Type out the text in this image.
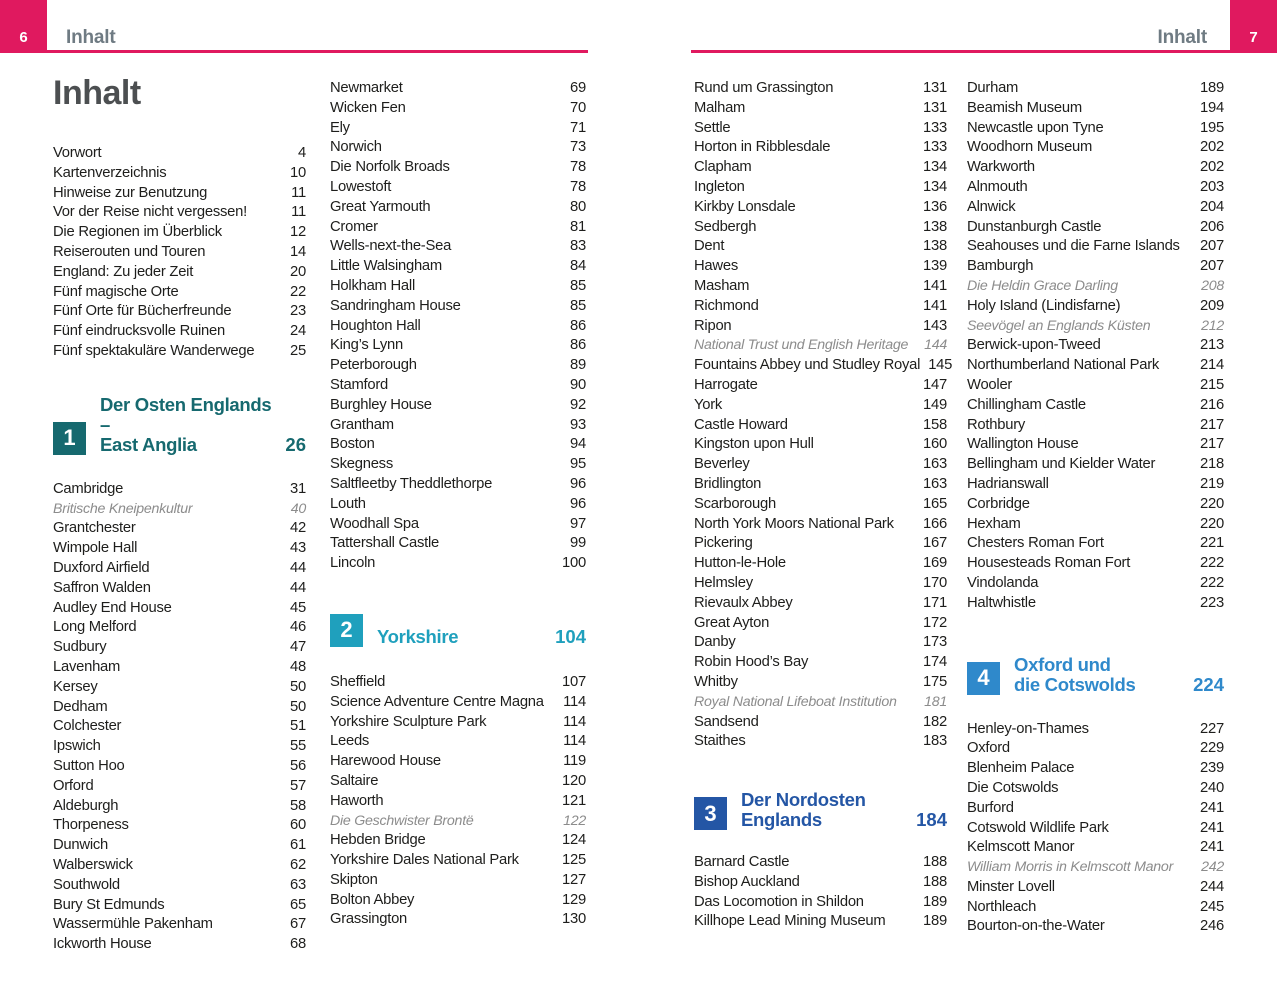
6	Inhalt	Inhalt	7
Inhalt
Vorwort	4
Kartenverzeichnis	10
Hinweise zur Benutzung	11
Vor der Reise nicht vergessen!	11
Die Regionen im Überblick	12
Reiserouten und Touren	14
England: Zu jeder Zeit	20
Fünf magische Orte	22
Fünf Orte für Bücherfreunde	23
Fünf eindrucksvolle Ruinen	24
Fünf spektakuläre Wanderwege 25
1
Der Osten Englands –
East Anglia	26
Cambridge	31
Britische Kneipenkultur	40
Grantchester	42
Wimpole Hall	43
Duxford Airfield	44
Saffron Walden	44
Audley End House	45
Long Melford	46
Sudbury	47
Lavenham	48
Kersey	50
Dedham	50
Colchester	51
Ipswich	55
Sutton Hoo	56
Orford	57
Aldeburgh	58
Thorpeness	60
Dunwich	61
Walberswick	62
Southwold	63
Bury St Edmunds	65
Wassermühle Pakenham	67
Ickworth House	68
Newmarket	69
Wicken Fen	70
Ely	71
Norwich	73
Die Norfolk Broads	78
Lowestoft	78
Great Yarmouth	80
Cromer	81
Wells-next-the-Sea	83
Little Walsingham	84
Holkham Hall	85
Sandringham House	85
Houghton Hall	86
King’s Lynn	86
Peterborough	89
Stamford	90
Burghley House	92
Grantham	93
Boston	94
Skegness	95
Saltfleetby Theddlethorpe	96
Louth	96
Woodhall Spa	97
Tattershall Castle	99
Lincoln	100
2	Yorkshire	104
Sheffield	107
Science Adventure Centre Magna 114
Yorkshire Sculpture Park	114
Leeds	114
Harewood House	119
Saltaire	120
Haworth	121
Die Geschwister Brontë	122
Hebden Bridge	124
Yorkshire Dales National Park	125
Skipton	127
Bolton Abbey	129
Grassington	130
Rund um Grassington	131
Malham	131
Settle	133
Horton in Ribblesdale	133
Clapham	134
Ingleton	134
Kirkby Lonsdale	136
Sedbergh	138
Dent	138
Hawes	139
Masham	141
Richmond	141
Ripon	143
National Trust und English Heritage 144
Fountains Abbey und Studley Royal 145
Harrogate	147
York	149
Castle Howard	158
Kingston upon Hull	160
Beverley	163
Bridlington	163
Scarborough	165
North York Moors National Park 166
Pickering	167
Hutton-le-Hole	169
Helmsley	170
Rievaulx Abbey	171
Great Ayton	172
Danby	173
Robin Hood’s Bay	174
Whitby	175
Royal National Lifeboat Institution 181
Sandsend	182
Staithes	183
3
Der Nordosten
Englands	184
Barnard Castle	188
Bishop Auckland	188
Das Locomotion in Shildon	189
Killhope Lead Mining Museum	189
Durham	189
Beamish Museum	194
Newcastle upon Tyne	195
Woodhorn Museum	202
Warkworth	202
Alnmouth	203
Alnwick	204
Dunstanburgh Castle	206
Seahouses und die Farne Islands 207
Bamburgh	207
Die Heldin Grace Darling	208
Holy Island (Lindisfarne)	209
Seevögel an Englands Küsten	212
Berwick-upon-Tweed	213
Northumberland National Park	214
Wooler	215
Chillingham Castle	216
Rothbury	217
Wallington House	217
Bellingham und Kielder Water	218
Hadrianswall	219
Corbridge	220
Hexham	220
Chesters Roman Fort	221
Housesteads Roman Fort	222
Vindolanda	222
Haltwhistle	223
4
Oxford und
die Cotswolds	224
Henley-on-Thames	227
Oxford	229
Blenheim Palace	239
Die Cotswolds	240
Burford	241
Cotswold Wildlife Park	241
Kelmscott Manor	241
William Morris in Kelmscott Manor 242
Minster Lovell	244
Northleach	245
Bourton-on-the-Water	246
